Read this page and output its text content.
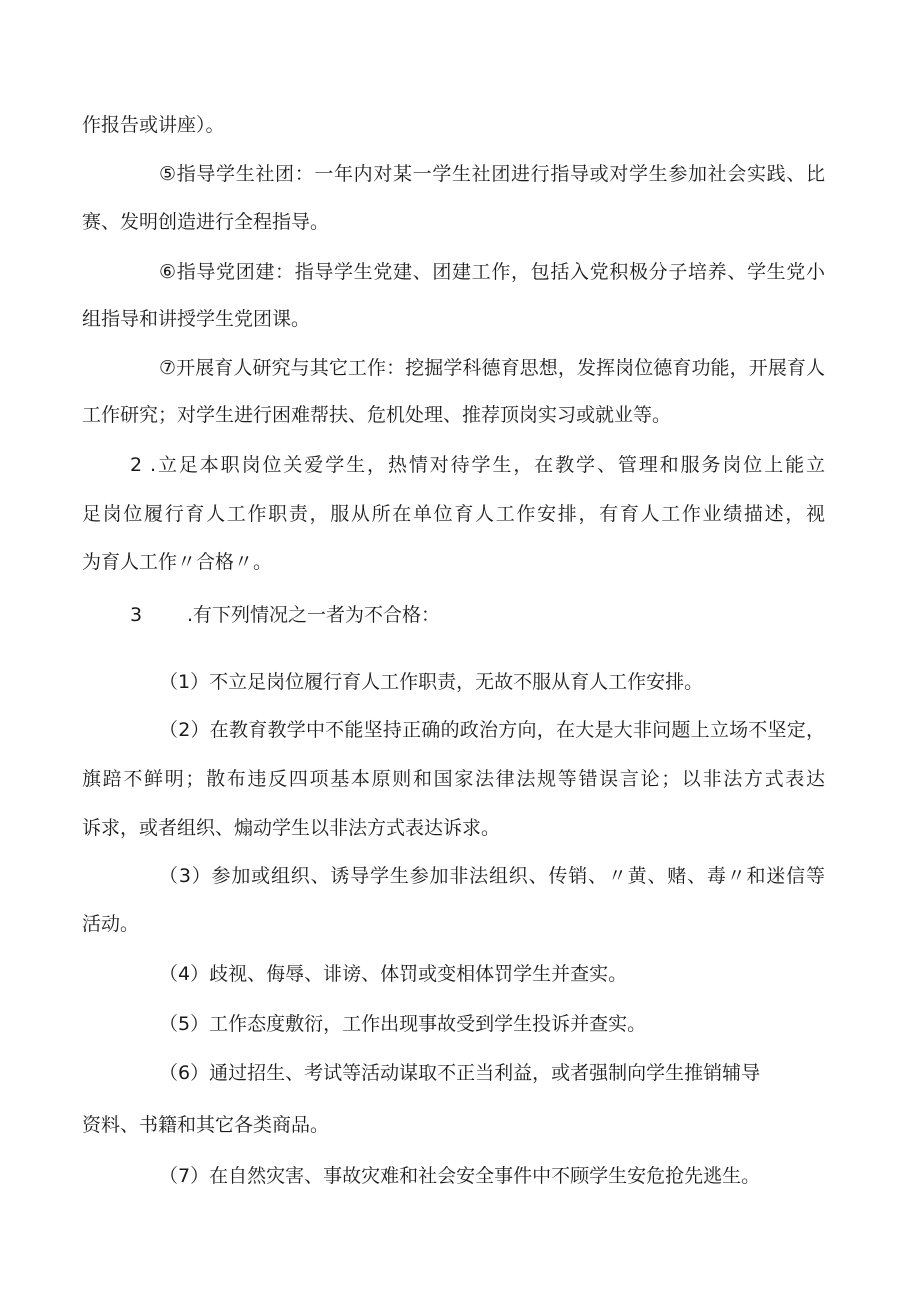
作报告或讲座）。
⑤指导学生社团：一年内对某一学生社团进行指导或对学生参加社会实践、比
赛、发明创造进行全程指导。
⑥指导党团建：指导学生党建、团建工作，包括入党积极分子培养、学生党小
组指导和讲授学生党团课。
⑦开展育人研究与其它工作：挖掘学科德育思想，发挥岗位德育功能，开展育人
工作研究；对学生进行困难帮扶、危机处理、推荐顶岗实习或就业等。
2 .立足本职岗位关爱学生，热情对待学生，在教学、管理和服务岗位上能立
足岗位履行育人工作职责，服从所在单位育人工作安排，有育人工作业绩描述，视
为育人工作〃合格〃。
3 .有下列情况之一者为不合格：
（1）不立足岗位履行育人工作职责，无故不服从育人工作安排。
（2）在教育教学中不能坚持正确的政治方向，在大是大非问题上立场不坚定，
旗踣不鲜明；散布违反四项基本原则和国家法律法规等错误言论；以非法方式表达
诉求，或者组织、煽动学生以非法方式表达诉求。
（3）参加或组织、诱导学生参加非法组织、传销、〃黄、赌、毒〃和迷信等
活动。
（4）歧视、侮辱、诽谤、体罚或变相体罚学生并查实。
（5）工作态度敷衍，工作出现事故受到学生投诉并查实。
（6）通过招生、考试等活动谋取不正当利益，或者强制向学生推销辅导
资料、书籍和其它各类商品。
（7）在自然灾害、事故灾难和社会安全事件中不顾学生安危抢先逃生。
